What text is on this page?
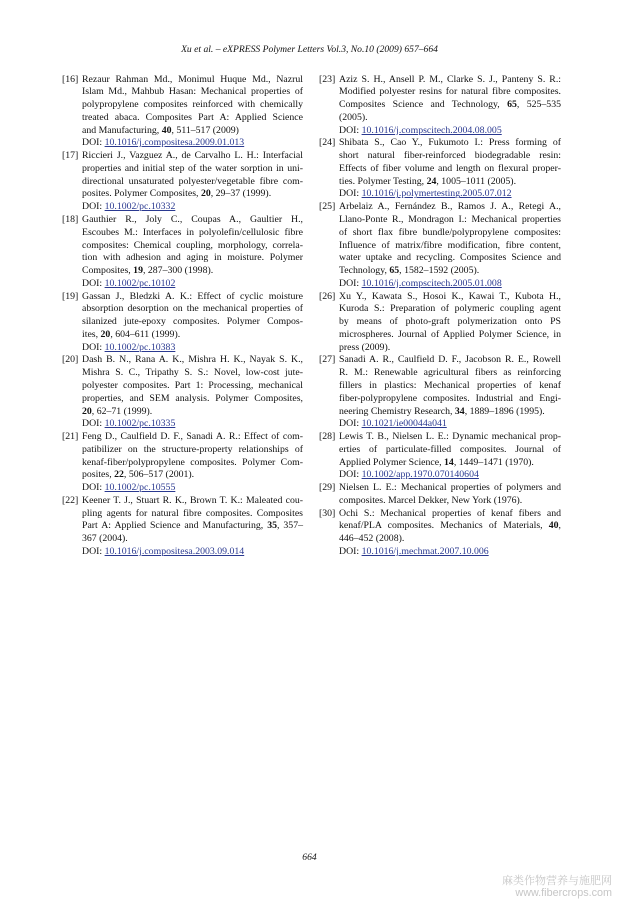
Xu et al. – eXPRESS Polymer Letters Vol.3, No.10 (2009) 657–664
[16] Rezaur Rahman Md., Monimul Huque Md., Nazrul
Islam Md., Mahbub Hasan: Mechanical properties of
polypropylene composites reinforced with chemically
treated abaca. Composites Part A: Applied Science
and Manufacturing, 40, 511–517 (2009)
DOI: 10.1016/j.compositesa.2009.01.013
[17] Riccieri J., Vazguez A., de Carvalho L. H.: Interfacial
properties and initial step of the water sorption in uni-
directional unsaturated polyester/vegetable fibre com-
posites. Polymer Composites, 20, 29–37 (1999).
DOI: 10.1002/pc.10332
[18] Gauthier R., Joly C., Coupas A., Gaultier H.,
Escoubes M.: Interfaces in polyolefin/cellulosic fibre
composites: Chemical coupling, morphology, correla-
tion with adhesion and aging in moisture. Polymer
Composites, 19, 287–300 (1998).
DOI: 10.1002/pc.10102
[19] Gassan J., Bledzki A. K.: Effect of cyclic moisture
absorption desorption on the mechanical properties of
silanized jute-epoxy composites. Polymer Compos-
ites, 20, 604–611 (1999).
DOI: 10.1002/pc.10383
[20] Dash B. N., Rana A. K., Mishra H. K., Nayak S. K.,
Mishra S. C., Tripathy S. S.: Novel, low-cost jute-
polyester composites. Part 1: Processing, mechanical
properties, and SEM analysis. Polymer Composites,
20, 62–71 (1999).
DOI: 10.1002/pc.10335
[21] Feng D., Caulfield D. F., Sanadi A. R.: Effect of com-
patibilizer on the structure-property relationships of
kenaf-fiber/polypropylene composites. Polymer Com-
posites, 22, 506–517 (2001).
DOI: 10.1002/pc.10555
[22] Keener T. J., Stuart R. K., Brown T. K.: Maleated cou-
pling agents for natural fibre composites. Composites
Part A: Applied Science and Manufacturing, 35, 357–
367 (2004).
DOI: 10.1016/j.compositesa.2003.09.014
[23] Aziz S. H., Ansell P. M., Clarke S. J., Panteny S. R.:
Modified polyester resins for natural fibre composites.
Composites Science and Technology, 65, 525–535
(2005).
DOI: 10.1016/j.compscitech.2004.08.005
[24] Shibata S., Cao Y., Fukumoto I.: Press forming of
short natural fiber-reinforced biodegradable resin:
Effects of fiber volume and length on flexural proper-
ties. Polymer Testing, 24, 1005–1011 (2005).
DOI: 10.1016/j.polymertesting.2005.07.012
[25] Arbelaiz A., Fernández B., Ramos J. A., Retegi A.,
Llano-Ponte R., Mondragon I.: Mechanical properties
of short flax fibre bundle/polypropylene composites:
Influence of matrix/fibre modification, fibre content,
water uptake and recycling. Composites Science and
Technology, 65, 1582–1592 (2005).
DOI: 10.1016/j.compscitech.2005.01.008
[26] Xu Y., Kawata S., Hosoi K., Kawai T., Kubota H.,
Kuroda S.: Preparation of polymeric coupling agent
by means of photo-graft polymerization onto PS
microspheres. Journal of Applied Polymer Science, in
press (2009).
[27] Sanadi A. R., Caulfield D. F., Jacobson R. E., Rowell
R. M.: Renewable agricultural fibers as reinforcing
fillers in plastics: Mechanical properties of kenaf
fiber-polypropylene composites. Industrial and Engi-
neering Chemistry Research, 34, 1889–1896 (1995).
DOI: 10.1021/ie00044a041
[28] Lewis T. B., Nielsen L. E.: Dynamic mechanical prop-
erties of particulate-filled composites. Journal of
Applied Polymer Science, 14, 1449–1471 (1970).
DOI: 10.1002/app.1970.070140604
[29] Nielsen L. E.: Mechanical properties of polymers and
composites. Marcel Dekker, New York (1976).
[30] Ochi S.: Mechanical properties of kenaf fibers and
kenaf/PLA composites. Mechanics of Materials, 40,
446–452 (2008).
DOI: 10.1016/j.mechmat.2007.10.006
664
麻类作物营养与施肥网
www.fibercrops.com
